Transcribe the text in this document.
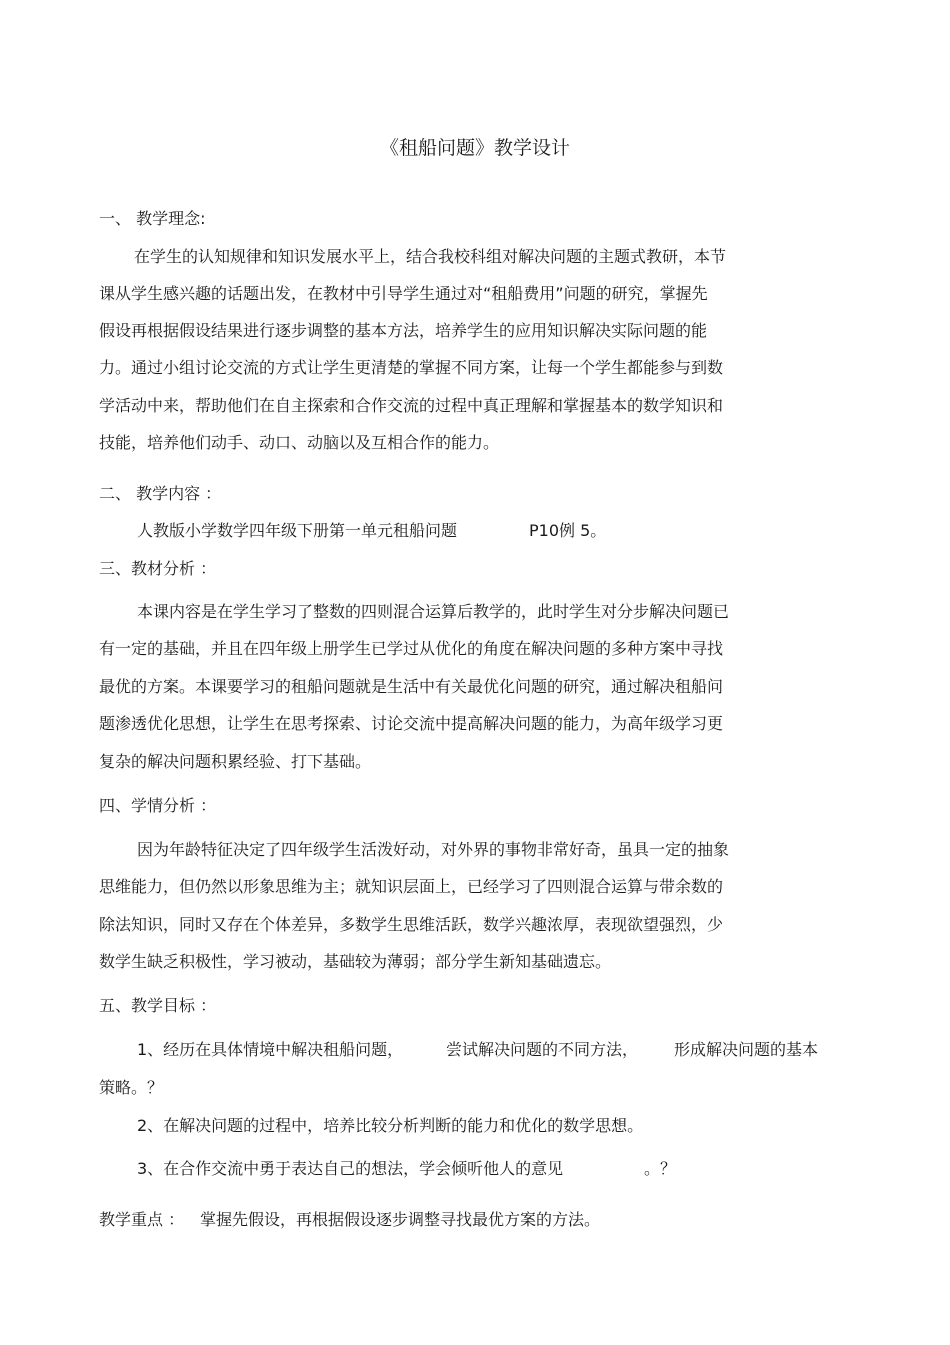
《租船问题》教学设计
一、 教学理念:
在学生的认知规律和知识发展水平上，结合我校科组对解决问题的主题式教研，本节
课从学生感兴趣的话题出发，在教材中引导学生通过对“租船费用”问题的研究，掌握先
假设再根据假设结果进行逐步调整的基本方法，培养学生的应用知识解决实际问题的能
力。通过小组讨论交流的方式让学生更清楚的掌握不同方案，让每一个学生都能参与到数
学活动中来，帮助他们在自主探索和合作交流的过程中真正理解和掌握基本的数学知识和
技能，培养他们动手、动口、动脑以及互相合作的能力。
二、 教学内容 ：
人教版小学数学四年级下册第一单元租船问题	P10例 5。
三、教材分析 ：
本课内容是在学生学习了整数的四则混合运算后教学的，此时学生对分步解决问题已
有一定的基础，并且在四年级上册学生已学过从优化的角度在解决问题的多种方案中寻找
最优的方案。本课要学习的租船问题就是生活中有关最优化问题的研究，通过解决租船问
题渗透优化思想，让学生在思考探索、讨论交流中提高解决问题的能力，为高年级学习更
复杂的解决问题积累经验、打下基础。
四、学情分析 ：
因为年龄特征决定了四年级学生活泼好动，对外界的事物非常好奇，虽具一定的抽象
思维能力，但仍然以形象思维为主；就知识层面上，已经学习了四则混合运算与带余数的
除法知识，同时又存在个体差异，多数学生思维活跃，数学兴趣浓厚，表现欲望强烈，少
数学生缺乏积极性，学习被动，基础较为薄弱；部分学生新知基础遗忘。
五、教学目标 ：
1、经历在具体情境中解决租船问题，	尝试解决问题的不同方法， 形成解决问题的基本
策略。？
2、在解决问题的过程中，培养比较分析判断的能力和优化的数学思想。
3、在合作交流中勇于表达自己的想法，学会倾听他人的意见	。？
教学重点 ： 掌握先假设，再根据假设逐步调整寻找最优方案的方法。
